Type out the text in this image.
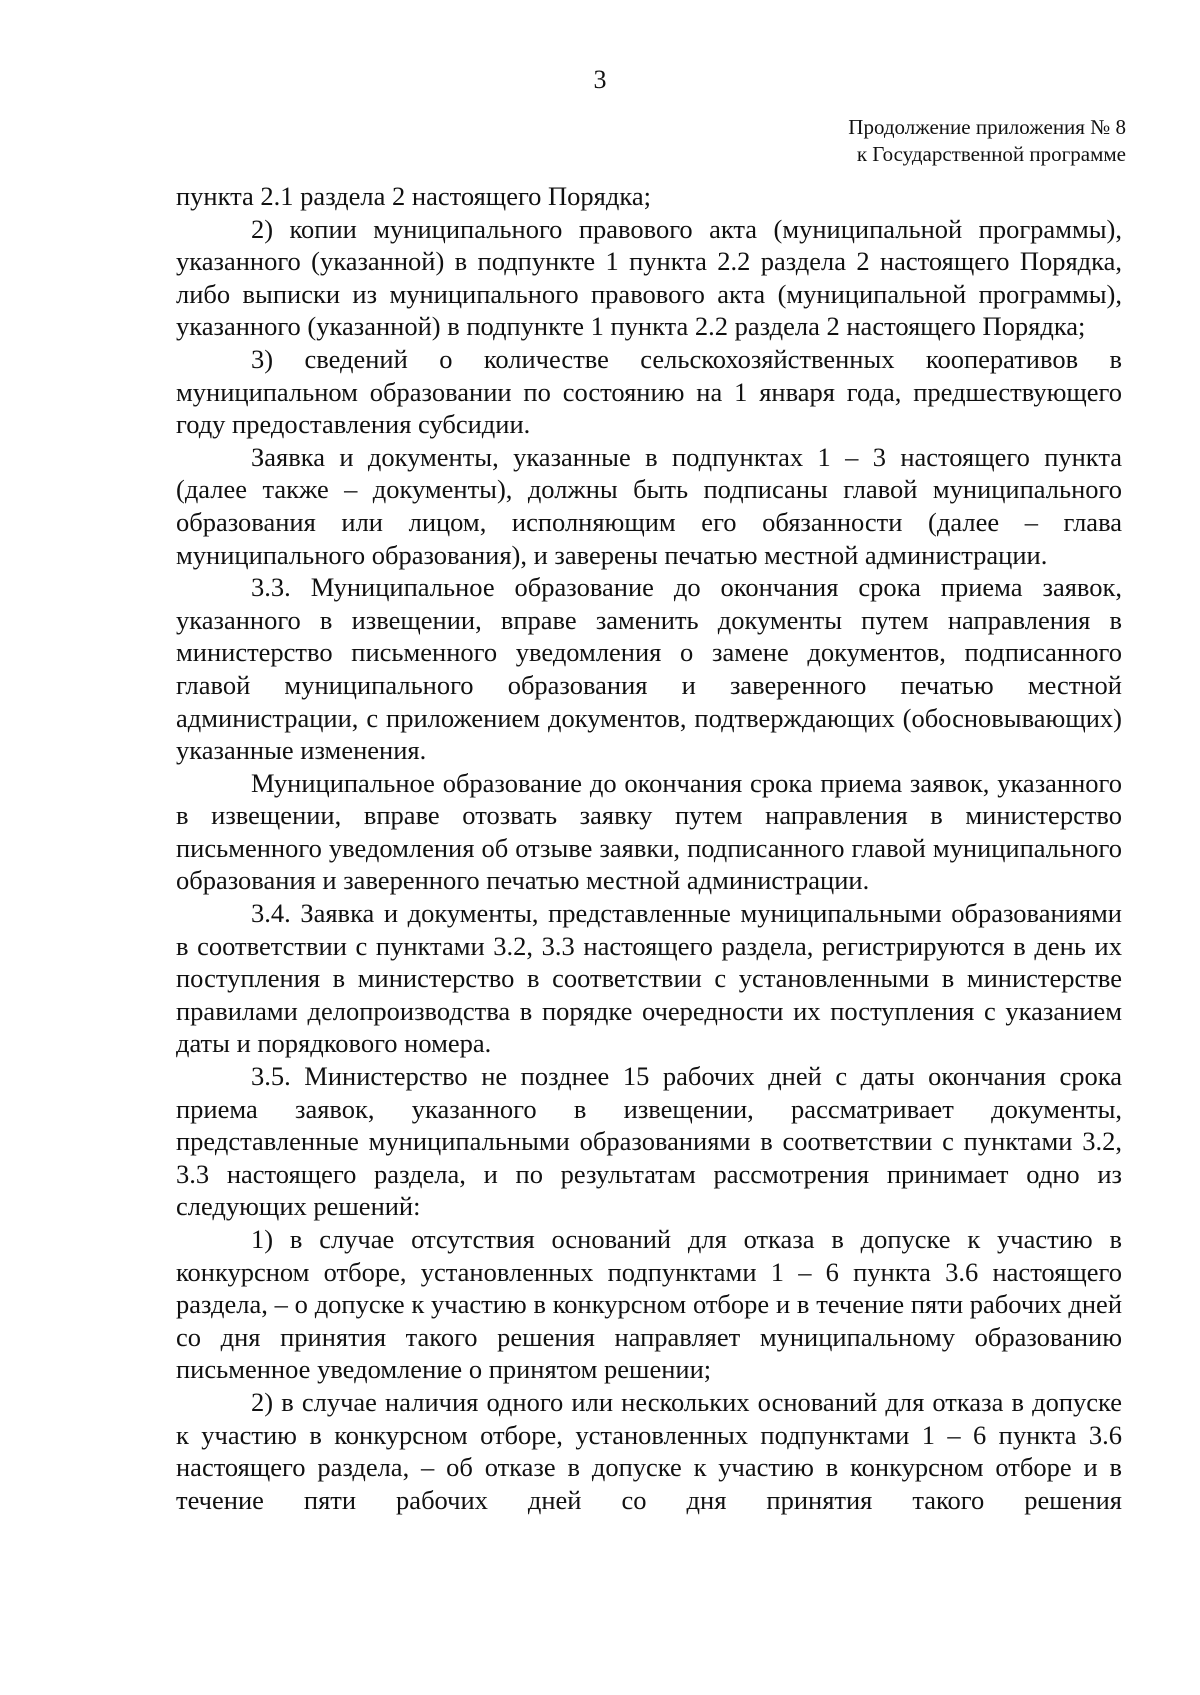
3
Продолжение приложения № 8
к Государственной программе

пункта 2.1 раздела 2 настоящего Порядка;

2) копии муниципального правового акта (муниципальной программы), указанного (указанной) в подпункте 1 пункта 2.2 раздела 2 настоящего Порядка, либо выписки из муниципального правового акта (муниципальной программы), указанного (указанной) в подпункте 1 пункта 2.2 раздела 2 настоящего Порядка;

3) сведений о количестве сельскохозяйственных кооперативов в муниципальном образовании по состоянию на 1 января года, предшествующего году предоставления субсидии.

Заявка и документы, указанные в подпунктах 1 – 3 настоящего пункта (далее также – документы), должны быть подписаны главой муниципального образования или лицом, исполняющим его обязанности (далее – глава муниципального образования), и заверены печатью местной администрации.

3.3. Муниципальное образование до окончания срока приема заявок, указанного в извещении, вправе заменить документы путем направления в министерство письменного уведомления о замене документов, подписанного главой муниципального образования и заверенного печатью местной администрации, с приложением документов, подтверждающих (обосновывающих) указанные изменения.

Муниципальное образование до окончания срока приема заявок, указанного в извещении, вправе отозвать заявку путем направления в министерство письменного уведомления об отзыве заявки, подписанного главой муниципального образования и заверенного печатью местной администрации.

3.4. Заявка и документы, представленные муниципальными образованиями в соответствии с пунктами 3.2, 3.3 настоящего раздела, регистрируются в день их поступления в министерство в соответствии с установленными в министерстве правилами делопроизводства в порядке очередности их поступления с указанием даты и порядкового номера.

3.5. Министерство не позднее 15 рабочих дней с даты окончания срока приема заявок, указанного в извещении, рассматривает документы, представленные муниципальными образованиями в соответствии с пунктами 3.2, 3.3 настоящего раздела, и по результатам рассмотрения принимает одно из следующих решений:

1) в случае отсутствия оснований для отказа в допуске к участию в конкурсном отборе, установленных подпунктами 1 – 6 пункта 3.6 настоящего раздела, – о допуске к участию в конкурсном отборе и в течение пяти рабочих дней со дня принятия такого решения направляет муниципальному образованию письменное уведомление о принятом решении;

2) в случае наличия одного или нескольких оснований для отказа в допуске к участию в конкурсном отборе, установленных подпунктами 1 – 6 пункта 3.6 настоящего раздела, – об отказе в допуске к участию в конкурсном отборе и в течение пяти рабочих дней со дня принятия такого решения
